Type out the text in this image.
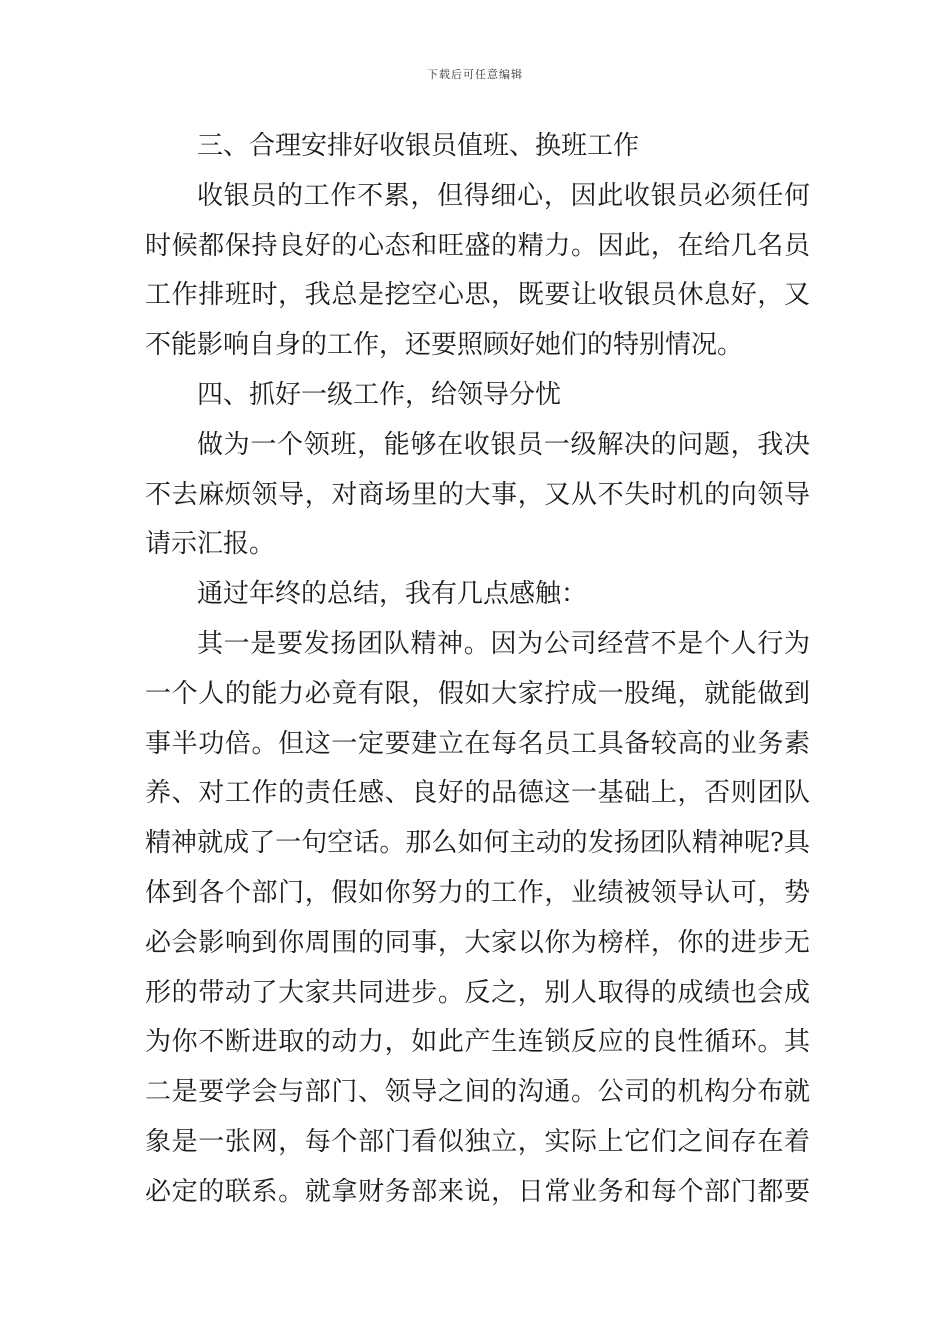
下载后可任意编辑
三、合理安排好收银员值班、换班工作
收银员的工作不累，但得细心，因此收银员必须任何
时候都保持良好的心态和旺盛的精力。因此，在给几名员
工作排班时，我总是挖空心思，既要让收银员休息好，又
不能影响自身的工作，还要照顾好她们的特别情况。
四、抓好一级工作，给领导分忧
做为一个领班，能够在收银员一级解决的问题，我决
不去麻烦领导，对商场里的大事，又从不失时机的向领导
请示汇报。
通过年终的总结，我有几点感触：
其一是要发扬团队精神。因为公司经营不是个人行为
一个人的能力必竟有限，假如大家拧成一股绳，就能做到
事半功倍。但这一定要建立在每名员工具备较高的业务素
养、对工作的责任感、良好的品德这一基础上，否则团队
精神就成了一句空话。那么如何主动的发扬团队精神呢?具
体到各个部门，假如你努力的工作，业绩被领导认可，势
必会影响到你周围的同事，大家以你为榜样，你的进步无
形的带动了大家共同进步。反之，别人取得的成绩也会成
为你不断进取的动力，如此产生连锁反应的良性循环。其
二是要学会与部门、领导之间的沟通。公司的机构分布就
象是一张网，每个部门看似独立，实际上它们之间存在着
必定的联系。就拿财务部来说，日常业务和每个部门都要
